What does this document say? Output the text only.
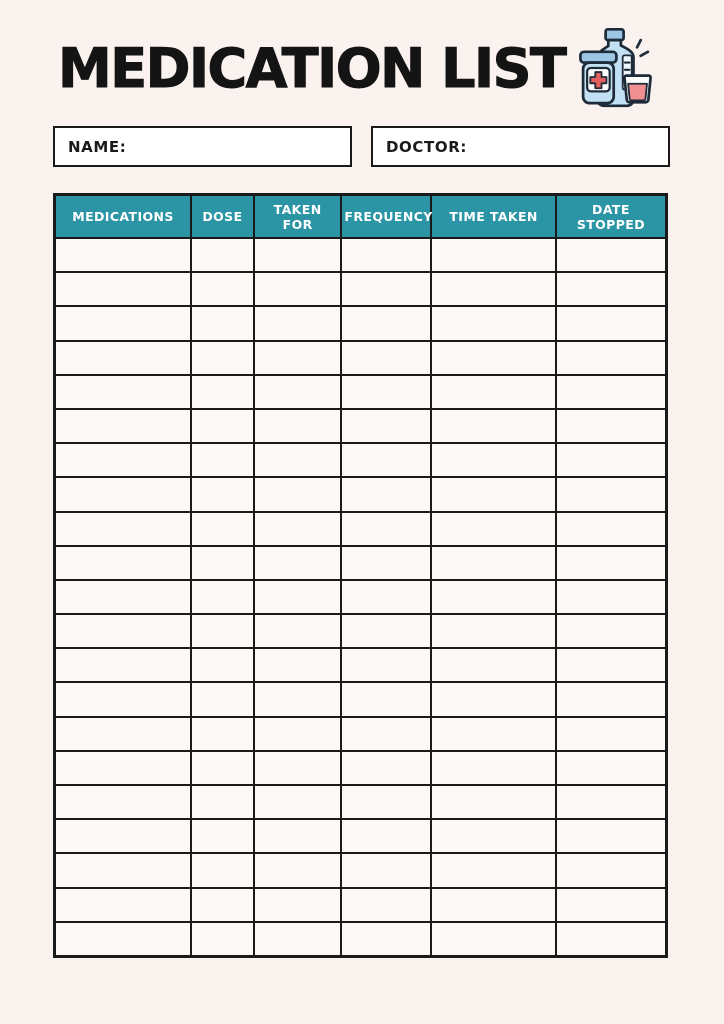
MEDICATION LIST
NAME:	DOCTOR:
MEDICATIONS	DOSE	TAKEN FOR	FREQUENCY	TIME TAKEN	DATE STOPPED
